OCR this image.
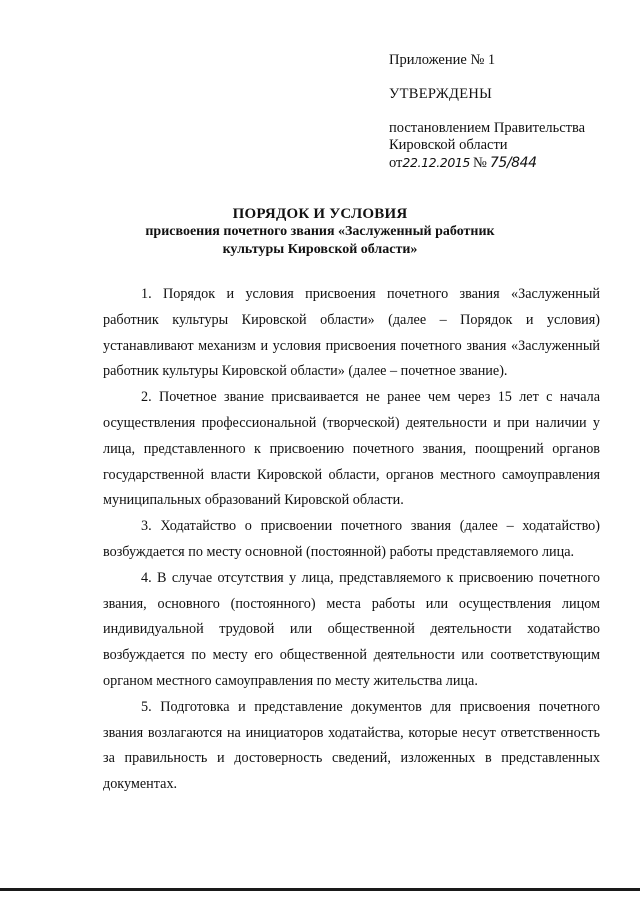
Приложение № 1

УТВЕРЖДЕНЫ

постановлением Правительства

Кировской области

от22.12.2015 № 75/844

ПОРЯДОК И УСЛОВИЯ
присвоения почетного звания «Заслуженный работник
культуры Кировской области»

1. Порядок и условия присвоения почетного звания «Заслуженный работник культуры Кировской области» (далее – Порядок и условия) устанавливают механизм и условия присвоения почетного звания «Заслуженный работник культуры Кировской области» (далее – почетное звание).

2. Почетное звание присваивается не ранее чем через 15 лет с начала осуществления профессиональной (творческой) деятельности и при наличии у лица, представленного к присвоению почетного звания, поощрений органов государственной власти Кировской области, органов местного самоуправления муниципальных образований Кировской области.

3. Ходатайство о присвоении почетного звания (далее – ходатайство) возбуждается по месту основной (постоянной) работы представляемого лица.

4. В случае отсутствия у лица, представляемого к присвоению почетного звания, основного (постоянного) места работы или осуществления лицом индивидуальной трудовой или общественной деятельности ходатайство возбуждается по месту его общественной деятельности или соответствующим органом местного самоуправления по месту жительства лица.

5. Подготовка и представление документов для присвоения почетного звания возлагаются на инициаторов ходатайства, которые несут ответственность за правильность и достоверность сведений, изложенных в представленных документах.
